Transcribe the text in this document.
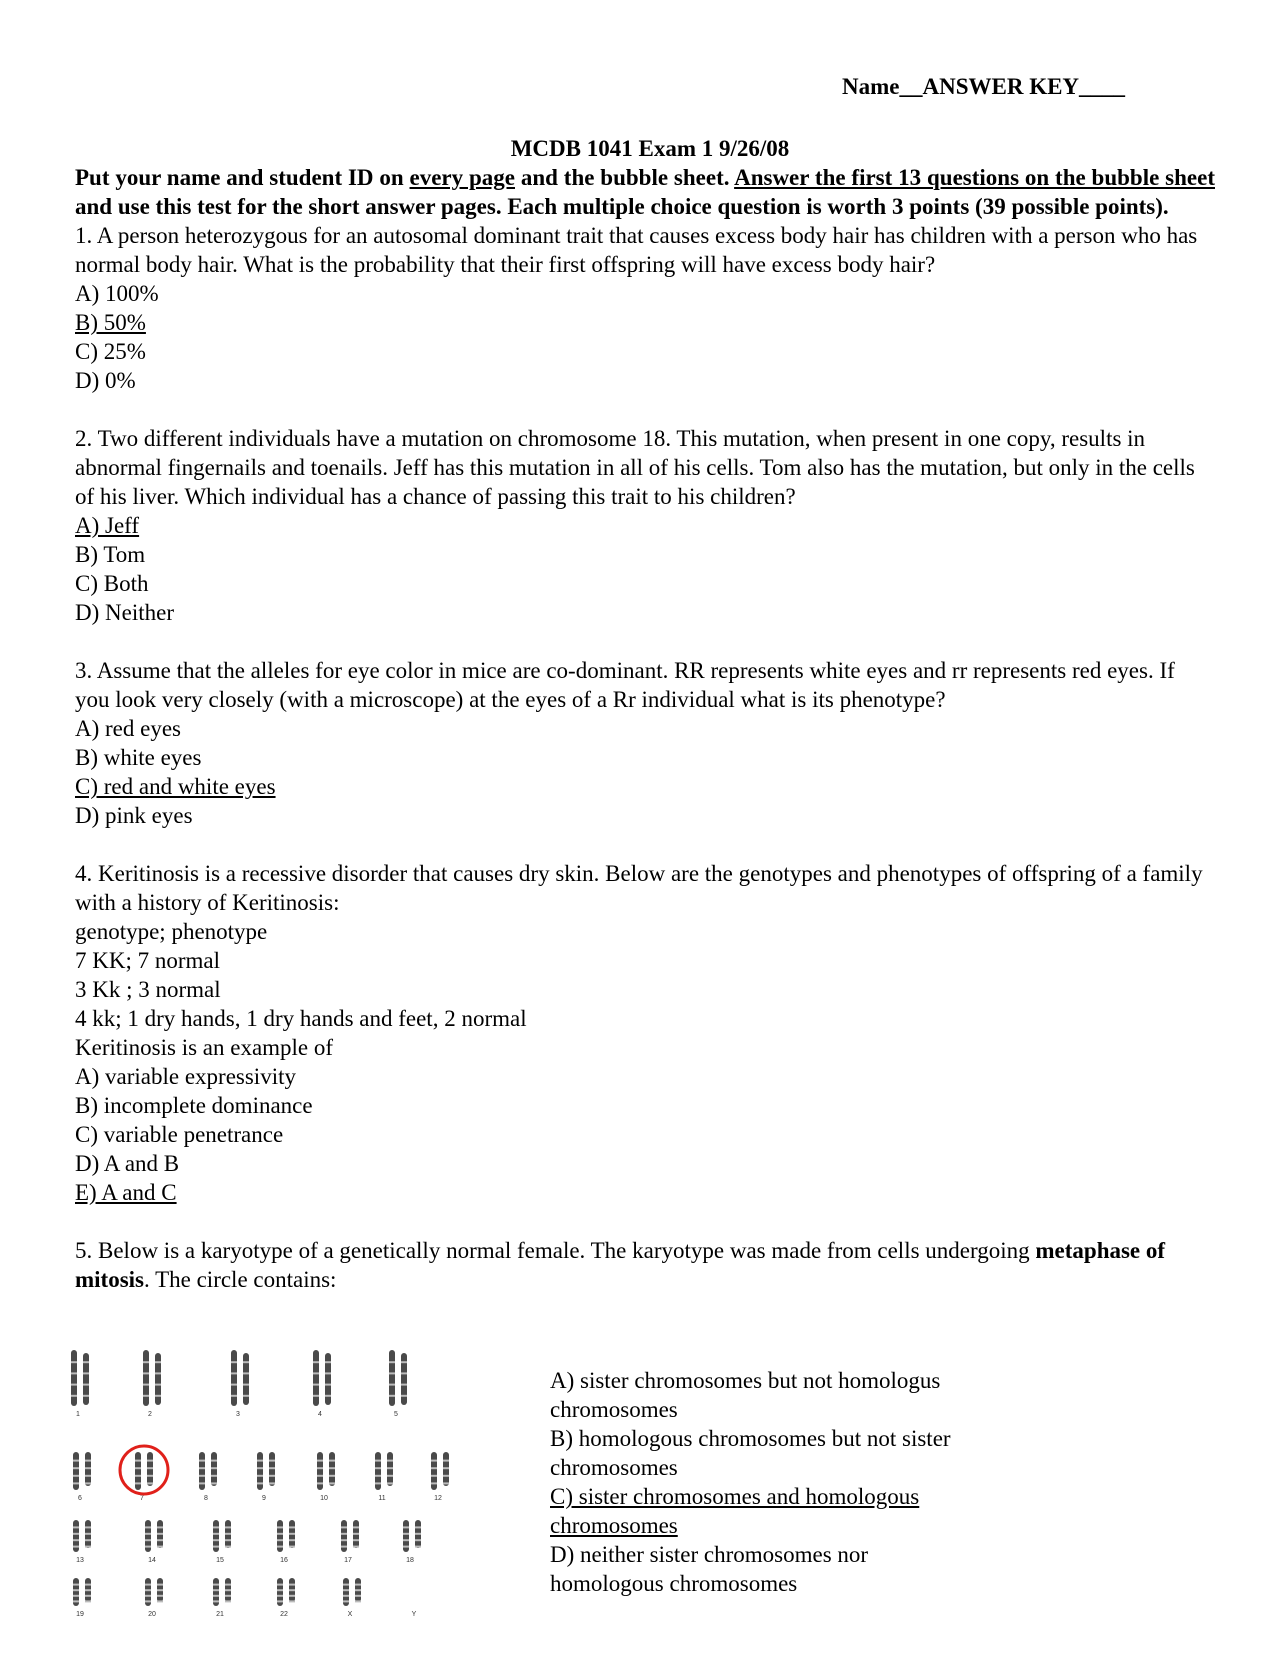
Name__ANSWER KEY____
MCDB 1041 Exam 1 9/26/08
Put your name and student ID on every page and the bubble sheet. Answer the first 13 questions on the bubble sheet and use this test for the short answer pages. Each multiple choice question is worth 3 points (39 possible points).
1. A person heterozygous for an autosomal dominant trait that causes excess body hair has children with a person who has normal body hair. What is the probability that their first offspring will have excess body hair?
A) 100%
B) 50%
C) 25%
D) 0%
2. Two different individuals have a mutation on chromosome 18. This mutation, when present in one copy, results in abnormal fingernails and toenails. Jeff has this mutation in all of his cells. Tom also has the mutation, but only in the cells of his liver. Which individual has a chance of passing this trait to his children?
A) Jeff
B) Tom
C) Both
D) Neither
3. Assume that the alleles for eye color in mice are co-dominant. RR represents white eyes and rr represents red eyes. If you look very closely (with a microscope) at the eyes of a Rr individual what is its phenotype?
A) red eyes
B) white eyes
C) red and white eyes
D) pink eyes
4. Keritinosis is a recessive disorder that causes dry skin. Below are the genotypes and phenotypes of offspring of a family with a history of Keritinosis:
genotype; phenotype
7 KK; 7 normal
3 Kk ; 3 normal
4 kk; 1 dry hands, 1 dry hands and feet, 2 normal
Keritinosis is an example of
A) variable expressivity
B) incomplete dominance
C) variable penetrance
D) A and B
E) A and C
5. Below is a karyotype of a genetically normal female. The karyotype was made from cells undergoing metaphase of mitosis. The circle contains:
1	2	3	4	5
6	7	8	9	10	11	12
13	14	15	16	17	18
19	20	21	22	X	Y
A) sister chromosomes but not homologus chromosomes
B) homologous chromosomes but not sister chromosomes
C) sister chromosomes and homologous chromosomes
D) neither sister chromosomes nor homologous chromosomes
